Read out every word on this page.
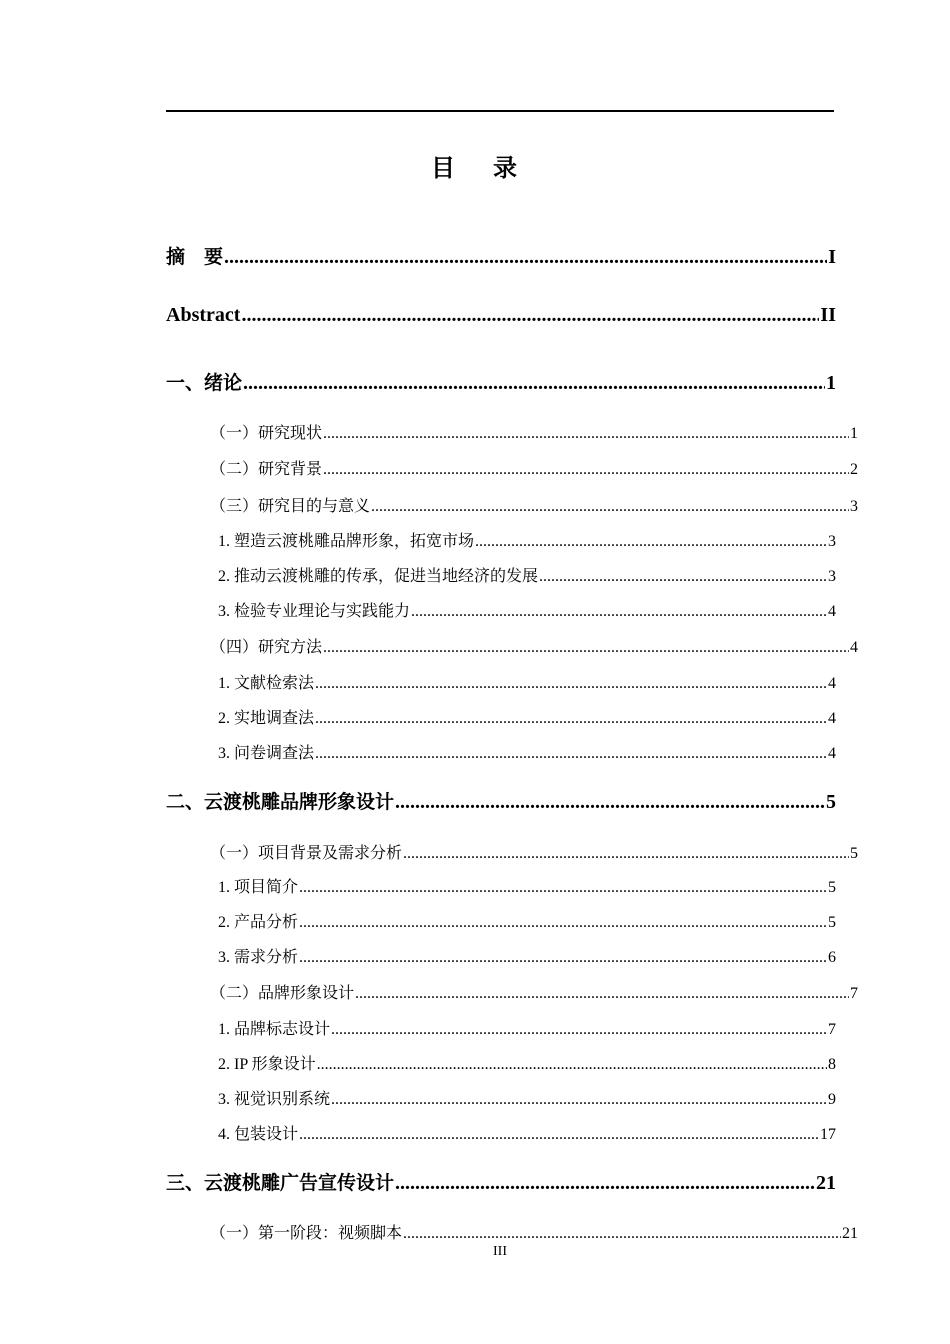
目 录
摘　要 .....	I
Abstract .....	II
一、 绪论 .....	1
（一） 研究现状 .....	1
（二） 研究背景 .....	2
（三） 研究目的与意义 .....	3
1. 塑造云渡桃雕品牌形象，拓宽市场 .....	3
2. 推动云渡桃雕的传承，促进当地经济的发展 .....	3
3. 检验专业理论与实践能力 .....	4
（四） 研究方法 .....	4
1. 文献检索法 .....	4
2. 实地调查法 .....	4
3. 问卷调查法 .....	4
二、 云渡桃雕品牌形象设计 .....	5
（一） 项目背景及需求分析 .....	5
1. 项目简介 .....	5
2. 产品分析 .....	5
3. 需求分析 .....	6
（二） 品牌形象设计 .....	7
1. 品牌标志设计 .....	7
2. IP 形象设计 .....	8
3. 视觉识别系统 .....	9
4. 包装设计 .....	17
三、 云渡桃雕广告宣传设计 .....	21
（一） 第一阶段：视频脚本 .....	21
III
